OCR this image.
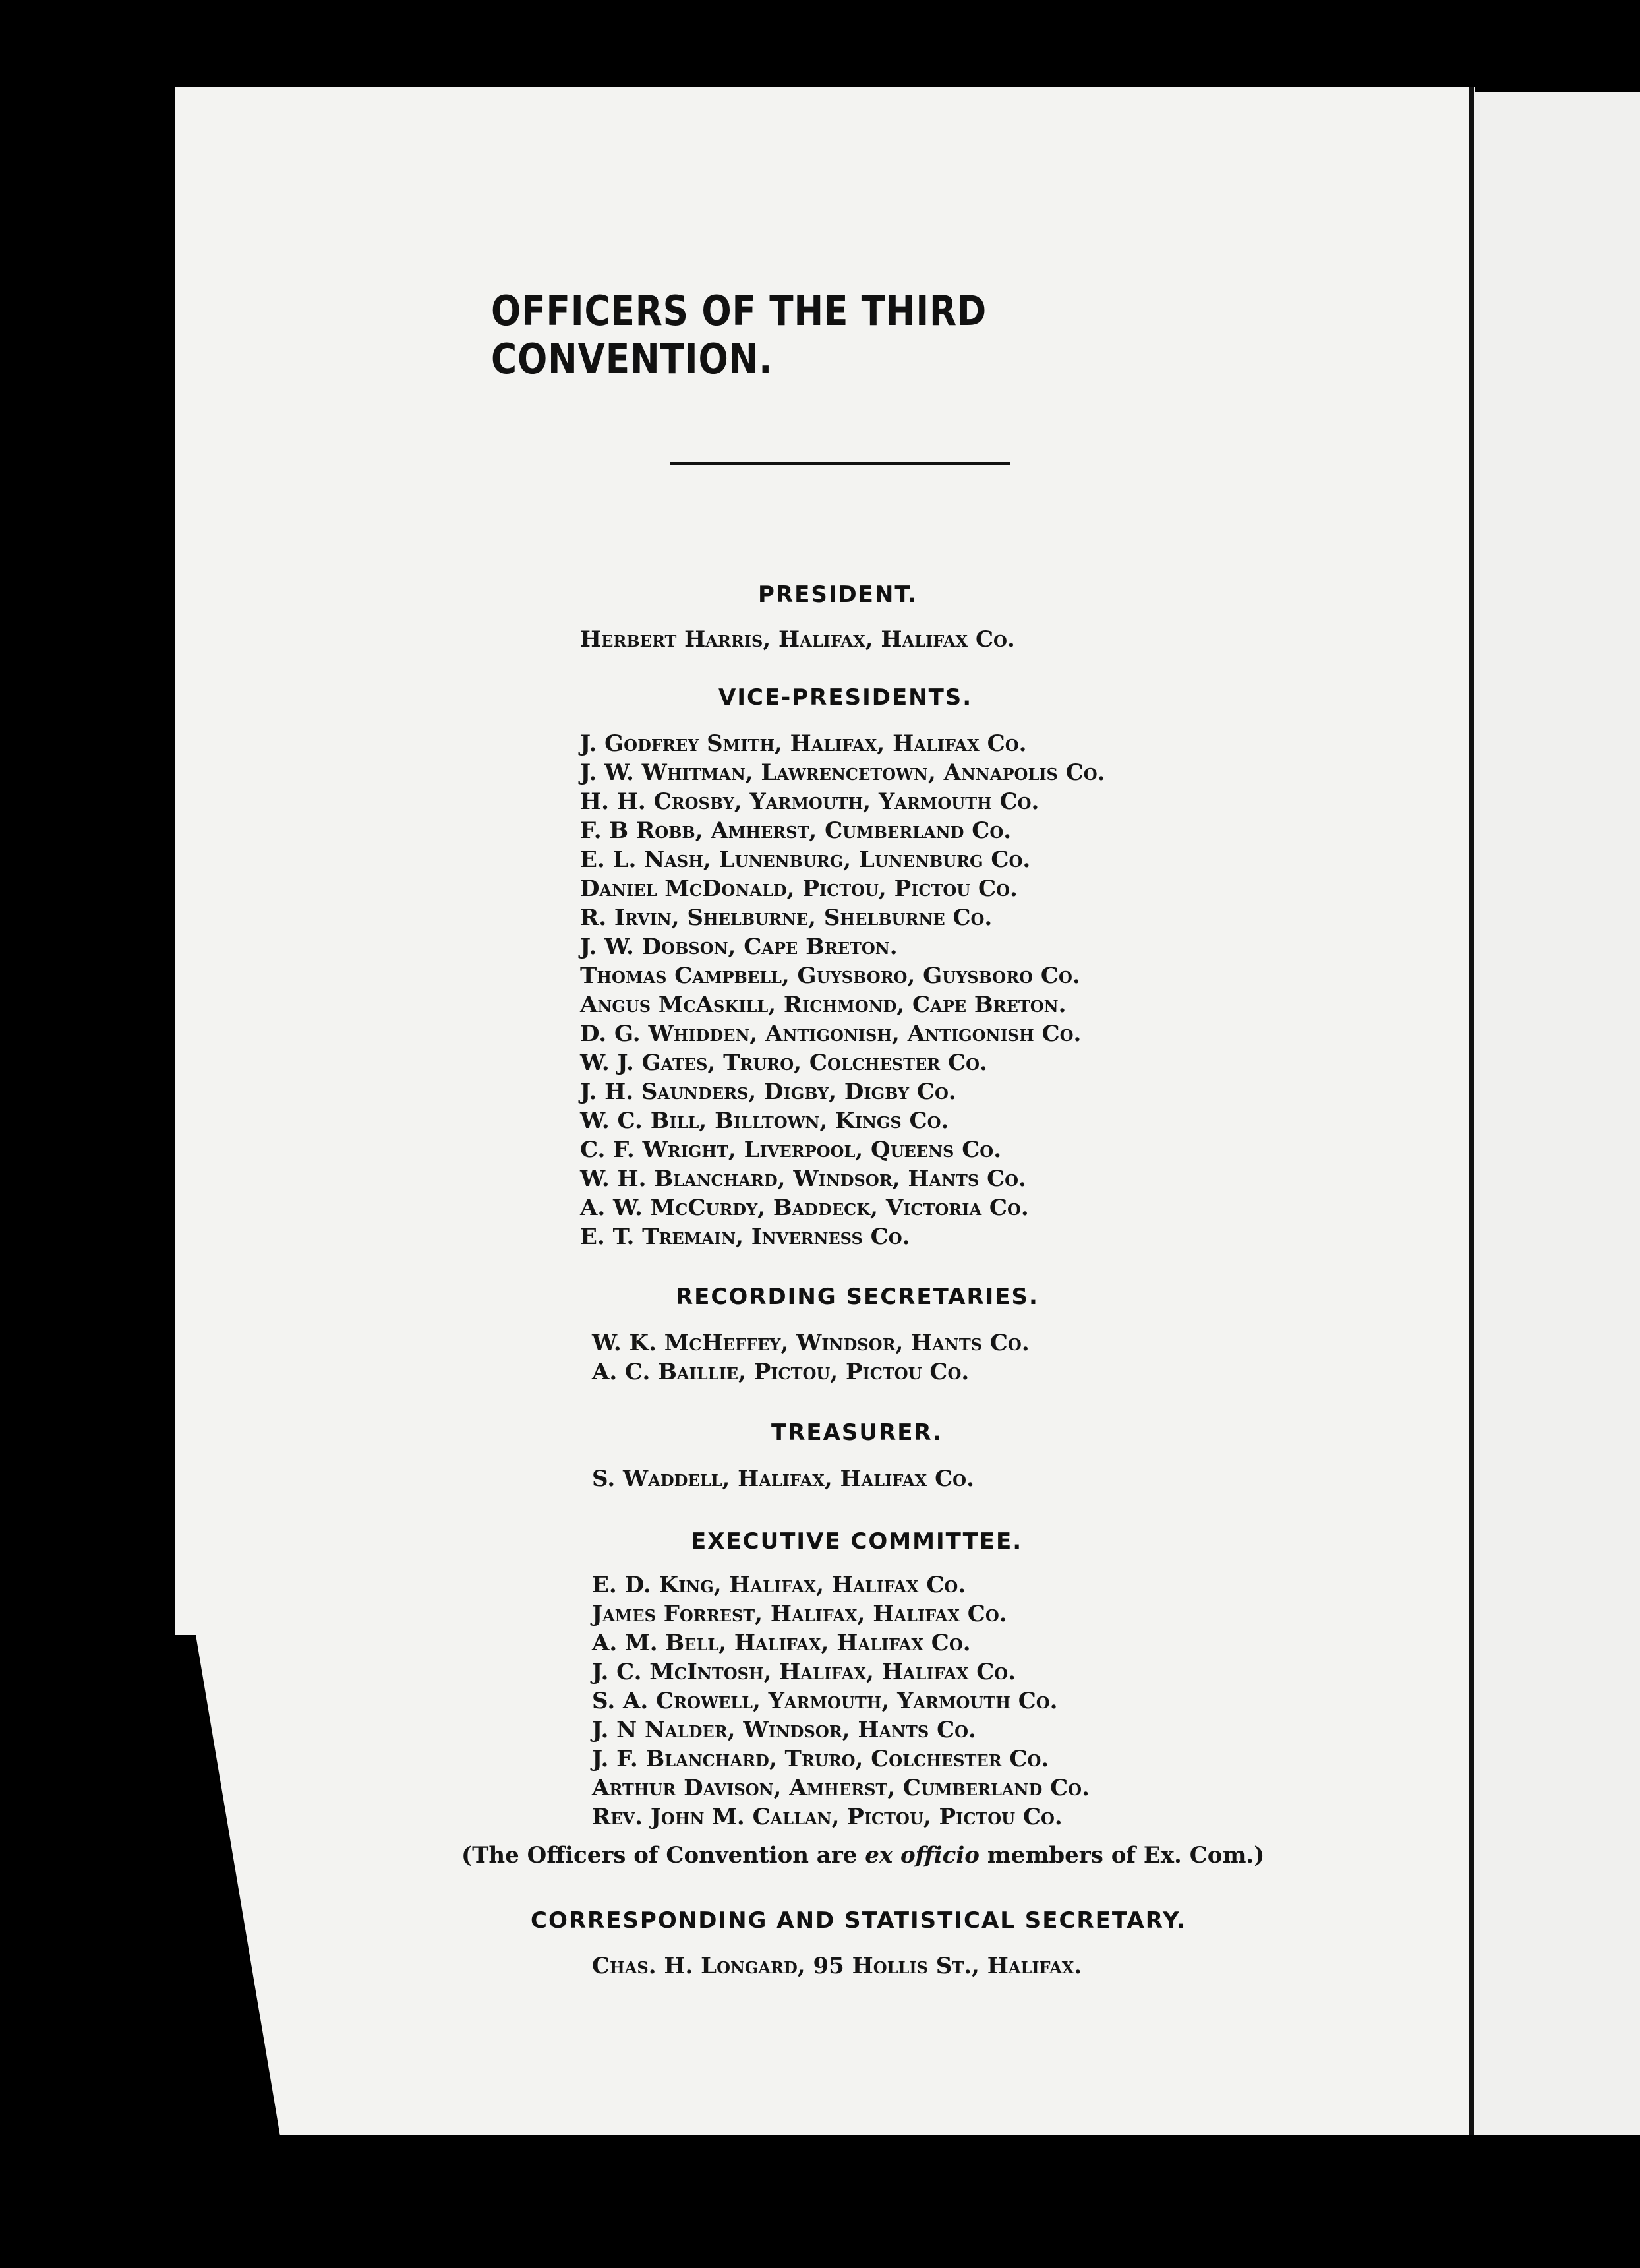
OFFICERS OF THE THIRD CONVENTION.
PRESIDENT.
Herbert Harris, Halifax, Halifax Co.
VICE-PRESIDENTS.
J. Godfrey Smith, Halifax, Halifax Co.
J. W. Whitman, Lawrencetown, Annapolis Co.
H. H. Crosby, Yarmouth, Yarmouth Co.
F. B Robb, Amherst, Cumberland Co.
E. L. Nash, Lunenburg, Lunenburg Co.
Daniel McDonald, Pictou, Pictou Co.
R. Irvin, Shelburne, Shelburne Co.
J. W. Dobson, Cape Breton.
Thomas Campbell, Guysboro, Guysboro Co.
Angus McAskill, Richmond, Cape Breton.
D. G. Whidden, Antigonish, Antigonish Co.
W. J. Gates, Truro, Colchester Co.
J. H. Saunders, Digby, Digby Co.
W. C. Bill, Billtown, Kings Co.
C. F. Wright, Liverpool, Queens Co.
W. H. Blanchard, Windsor, Hants Co.
A. W. McCurdy, Baddeck, Victoria Co.
E. T. Tremain, Inverness Co.
RECORDING SECRETARIES.
W. K. McHeffey, Windsor, Hants Co.
A. C. Baillie, Pictou, Pictou Co.
TREASURER.
S. Waddell, Halifax, Halifax Co.
EXECUTIVE COMMITTEE.
E. D. King, Halifax, Halifax Co.
James Forrest, Halifax, Halifax Co.
A. M. Bell, Halifax, Halifax Co.
J. C. McIntosh, Halifax, Halifax Co.
S. A. Crowell, Yarmouth, Yarmouth Co.
J. N Nalder, Windsor, Hants Co.
J. F. Blanchard, Truro, Colchester Co.
Arthur Davison, Amherst, Cumberland Co.
Rev. John M. Callan, Pictou, Pictou Co.
(The Officers of Convention are ex officio members of Ex. Com.)
CORRESPONDING AND STATISTICAL SECRETARY.
Chas. H. Longard, 95 Hollis St., Halifax.
